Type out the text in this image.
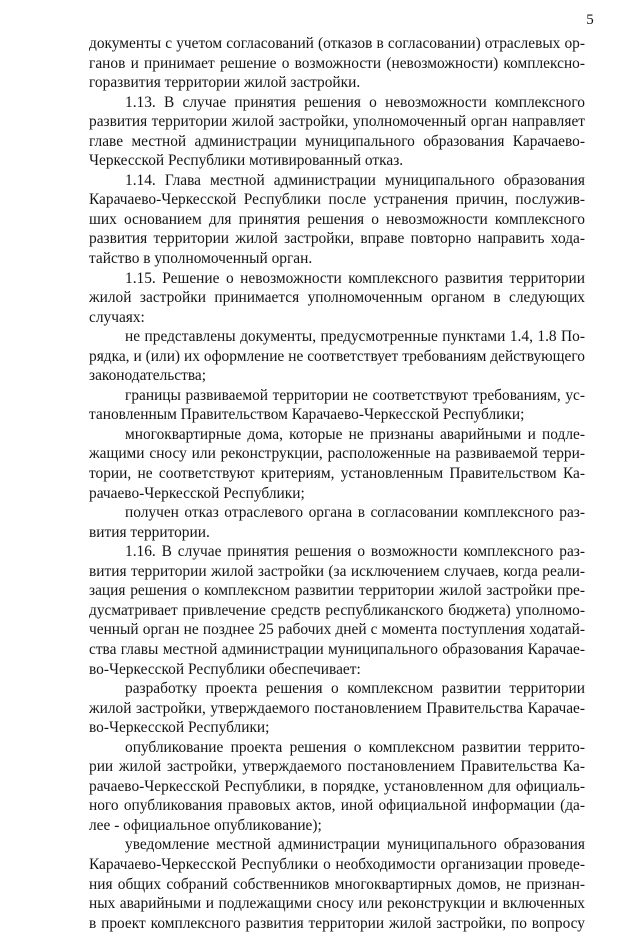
5
документы с учетом согласований (отказов в согласовании) отраслевых ор-
ганов и принимает решение о возможности (невозможности) комплексно-
горазвития территории жилой застройки.
1.13. В случае принятия решения о невозможности комплексного
развития территории жилой застройки, уполномоченный орган направляет
главе местной администрации муниципального образования Карачаево-
Черкесской Республики мотивированный отказ.
1.14. Глава местной администрации муниципального образования
Карачаево-Черкесской Республики после устранения причин, послужив-
ших основанием для принятия решения о невозможности комплексного
развития территории жилой застройки, вправе повторно направить хода-
тайство в уполномоченный орган.
1.15. Решение о невозможности комплексного развития территории
жилой застройки принимается уполномоченным органом в следующих
случаях:
не представлены документы, предусмотренные пунктами 1.4, 1.8 По-
рядка, и (или) их оформление не соответствует требованиям действующего
законодательства;
границы развиваемой территории не соответствуют требованиям, ус-
тановленным Правительством Карачаево-Черкесской Республики;
многоквартирные дома, которые не признаны аварийными и подле-
жащими сносу или реконструкции, расположенные на развиваемой терри-
тории, не соответствуют критериям, установленным Правительством Ка-
рачаево-Черкесской Республики;
получен отказ отраслевого органа в согласовании комплексного раз-
вития территории.
1.16. В случае принятия решения о возможности комплексного раз-
вития территории жилой застройки (за исключением случаев, когда реали-
зация решения о комплексном развитии территории жилой застройки пре-
дусматривает привлечение средств республиканского бюджета) уполномо-
ченный орган не позднее 25 рабочих дней с момента поступления ходатай-
ства главы местной администрации муниципального образования Карачае-
во-Черкесской Республики обеспечивает:
разработку проекта решения о комплексном развитии территории
жилой застройки, утверждаемого постановлением Правительства Карачае-
во-Черкесской Республики;
опубликование проекта решения о комплексном развитии террито-
рии жилой застройки, утверждаемого постановлением Правительства Ка-
рачаево-Черкесской Республики, в порядке, установленном для официаль-
ного опубликования правовых актов, иной официальной информации (да-
лее - официальное опубликование);
уведомление местной администрации муниципального образования
Карачаево-Черкесской Республики о необходимости организации проведе-
ния общих собраний собственников многоквартирных домов, не признан-
ных аварийными и подлежащими сносу или реконструкции и включенных
в проект комплексного развития территории жилой застройки, по вопросу
